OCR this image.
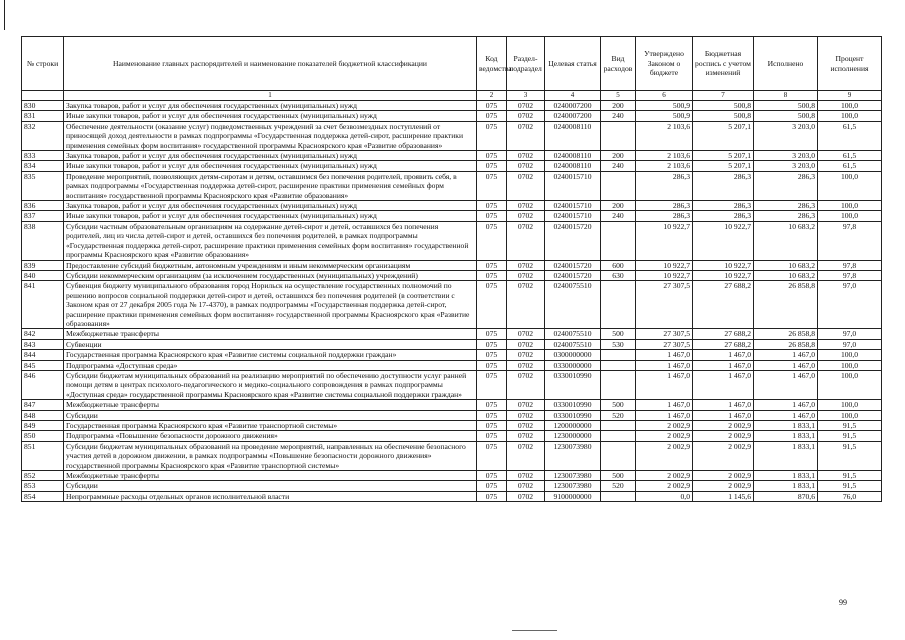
№ строки	Наименование главных распорядителей и наименование показателей бюджетной классификации	Код ведомства	Раздел-подраздел	Целевая статья	Вид расходов	Утверждено Законом о бюджете	Бюджетная роспись с учетом изменений	Исполнено	Процент исполнения
	1	2	3	4	5	6	7	8	9
830	Закупка товаров, работ и услуг для обеспечения государственных (муниципальных) нужд	075	0702	0240007200	200	500,9	500,8	500,8	100,0
831	Иные закупки товаров, работ и услуг для обеспечения государственных (муниципальных) нужд	075	0702	0240007200	240	500,9	500,8	500,8	100,0
832	Обеспечение деятельности (оказание услуг) подведомственных учреждений за счет безвозмездных поступлений от приносящей доход деятельности в рамках подпрограммы «Государственная поддержка детей-сирот, расширение практики применения семейных форм воспитания» государственной программы Красноярского края «Развитие образования»	075	0702	0240008110		2 103,6	5 207,1	3 203,0	61,5
833	Закупка товаров, работ и услуг для обеспечения государственных (муниципальных) нужд	075	0702	0240008110	200	2 103,6	5 207,1	3 203,0	61,5
834	Иные закупки товаров, работ и услуг для обеспечения государственных (муниципальных) нужд	075	0702	0240008110	240	2 103,6	5 207,1	3 203,0	61,5
835	Проведение мероприятий, позволяющих детям-сиротам и детям, оставшимся без попечения родителей, проявить себя, в рамках подпрограммы «Государственная поддержка детей-сирот, расширение практики применения семейных форм воспитания» государственной программы Красноярского края «Развитие образования»	075	0702	0240015710		286,3	286,3	286,3	100,0
836	Закупка товаров, работ и услуг для обеспечения государственных (муниципальных) нужд	075	0702	0240015710	200	286,3	286,3	286,3	100,0
837	Иные закупки товаров, работ и услуг для обеспечения государственных (муниципальных) нужд	075	0702	0240015710	240	286,3	286,3	286,3	100,0
838	Субсидии частным образовательным организациям на содержание детей-сирот и детей, оставшихся без попечения родителей, лиц из числа детей-сирот и детей, оставшихся без попечения родителей, в рамках подпрограммы «Государственная поддержка детей-сирот, расширение практики применения семейных форм воспитания» государственной программы Красноярского края «Развитие образования»	075	0702	0240015720		10 922,7	10 922,7	10 683,2	97,8
839	Предоставление субсидий бюджетным, автономным учреждениям и иным некоммерческим организациям	075	0702	0240015720	600	10 922,7	10 922,7	10 683,2	97,8
840	Субсидии некоммерческим организациям (за исключением государственных (муниципальных) учреждений)	075	0702	0240015720	630	10 922,7	10 922,7	10 683,2	97,8
841	Субвенция бюджету муниципального образования город Норильск на осуществление государственных полномочий по решению вопросов социальной поддержки детей-сирот и детей, оставшихся без попечения родителей (в соответствии с Законом края от 27 декабря 2005 года № 17-4370), в рамках подпрограммы «Государственная поддержка детей-сирот, расширение практики применения семейных форм воспитания» государственной программы Красноярского края «Развитие образования»	075	0702	0240075510		27 307,5	27 688,2	26 858,8	97,0
842	Межбюджетные трансферты	075	0702	0240075510	500	27 307,5	27 688,2	26 858,8	97,0
843	Субвенции	075	0702	0240075510	530	27 307,5	27 688,2	26 858,8	97,0
844	Государственная программа Красноярского края «Развитие системы социальной поддержки граждан»	075	0702	0300000000		1 467,0	1 467,0	1 467,0	100,0
845	Подпрограмма «Доступная среда»	075	0702	0330000000		1 467,0	1 467,0	1 467,0	100,0
846	Субсидии бюджетам муниципальных образований на реализацию мероприятий по обеспечению доступности услуг ранней помощи детям в центрах психолого-педагогического и медико-социального сопровождения в рамках подпрограммы «Доступная среда» государственной программы Красноярского края «Развитие системы социальной поддержки граждан»	075	0702	0330010990		1 467,0	1 467,0	1 467,0	100,0
847	Межбюджетные трансферты	075	0702	0330010990	500	1 467,0	1 467,0	1 467,0	100,0
848	Субсидии	075	0702	0330010990	520	1 467,0	1 467,0	1 467,0	100,0
849	Государственная программа Красноярского края «Развитие транспортной системы»	075	0702	1200000000		2 002,9	2 002,9	1 833,1	91,5
850	Подпрограмма «Повышение безопасности дорожного движения»	075	0702	1230000000		2 002,9	2 002,9	1 833,1	91,5
851	Субсидии бюджетам муниципальных образований на проведение мероприятий, направленных на обеспечение безопасного участия детей в дорожном движении, в рамках подпрограммы «Повышение безопасности дорожного движения» государственной программы Красноярского края «Развитие транспортной системы»	075	0702	1230073980		2 002,9	2 002,9	1 833,1	91,5
852	Межбюджетные трансферты	075	0702	1230073980	500	2 002,9	2 002,9	1 833,1	91,5
853	Субсидии	075	0702	1230073980	520	2 002,9	2 002,9	1 833,1	91,5
854	Непрограммные расходы отдельных органов исполнительной власти	075	0702	9100000000		0,0	1 145,6	870,6	76,0
99
